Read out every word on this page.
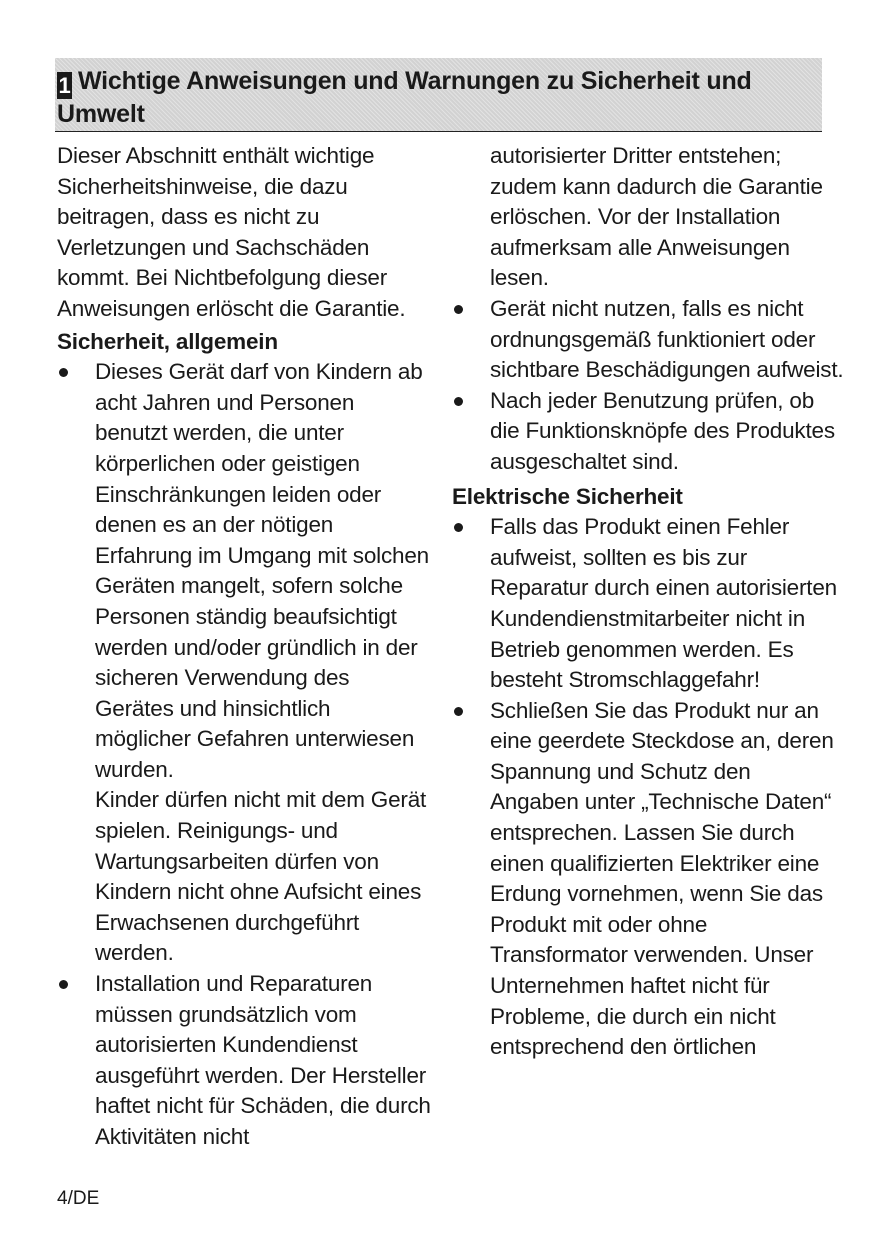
1 Wichtige Anweisungen und Warnungen zu Sicherheit und Umwelt

Dieser Abschnitt enthält wichtige Sicherheitshinweise, die dazu beitragen, dass es nicht zu Verletzungen und Sachschäden kommt. Bei Nichtbefolgung dieser Anweisungen erlöscht die Garantie.

Sicherheit, allgemein
Dieses Gerät darf von Kindern ab acht Jahren und Personen benutzt werden, die unter körperlichen oder geistigen Einschränkungen leiden oder denen es an der nötigen Erfahrung im Umgang mit solchen Geräten mangelt, sofern solche Personen ständig beaufsichtigt werden und/oder gründlich in der sicheren Verwendung des Gerätes und hinsichtlich möglicher Gefahren unterwiesen wurden.

Kinder dürfen nicht mit dem Gerät spielen. Reinigungs- und Wartungsarbeiten dürfen von Kindern nicht ohne Aufsicht eines Erwachsenen durchgeführt werden.

Installation und Reparaturen müssen grundsätzlich vom autorisierten Kundendienst ausgeführt werden. Der Hersteller haftet nicht für Schäden, die durch Aktivitäten nicht

autorisierter Dritter entstehen; zudem kann dadurch die Garantie erlöschen. Vor der Installation aufmerksam alle Anweisungen lesen.

Gerät nicht nutzen, falls es nicht ordnungsgemäß funktioniert oder sichtbare Beschädigungen aufweist.
Nach jeder Benutzung prüfen, ob die Funktionsknöpfe des Produktes ausgeschaltet sind.
Elektrische Sicherheit
Falls das Produkt einen Fehler aufweist, sollten es bis zur Reparatur durch einen autorisierten Kundendienstmitarbeiter nicht in Betrieb genommen werden. Es besteht Stromschlaggefahr!
Schließen Sie das Produkt nur an eine geerdete Steckdose an, deren Spannung und Schutz den Angaben unter „Technische Daten“ entsprechen. Lassen Sie durch einen qualifizierten Elektriker eine Erdung vornehmen, wenn Sie das Produkt mit oder ohne Transformator verwenden. Unser Unternehmen haftet nicht für Probleme, die durch ein nicht entsprechend den örtlichen
4/DE
